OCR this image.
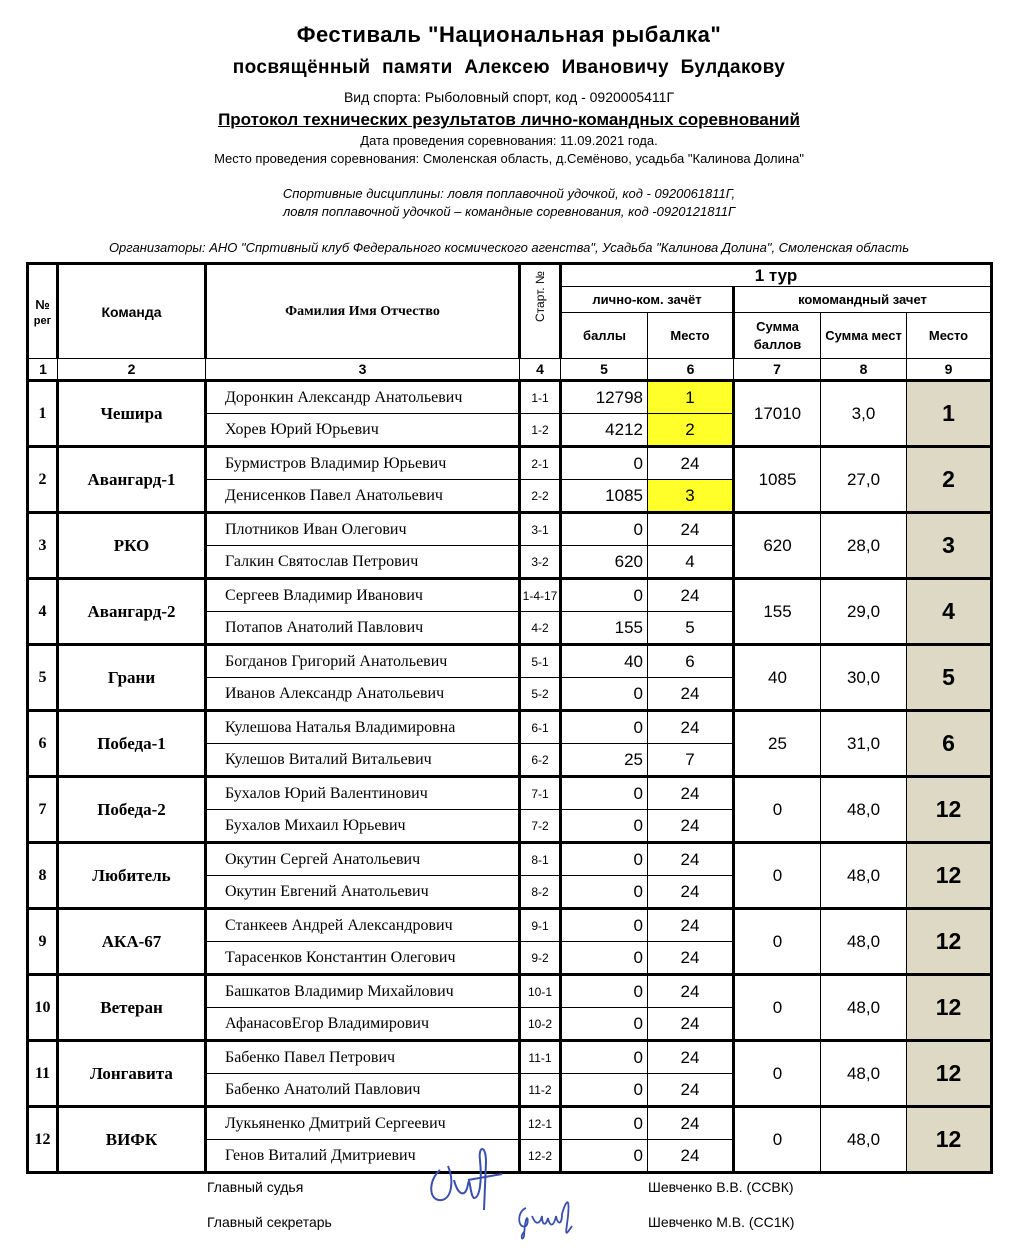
Фестиваль "Национальная рыбалка"
посвящённый памяти Алексею Ивановичу Булдакову
Вид спорта: Рыболовный спорт, код - 0920005411Г
Протокол технических результатов лично-командных соревнований
Дата проведения соревнования: 11.09.2021 года.
Место проведения соревнования: Смоленская область, д.Семёново, усадьба "Калинова Долина"
Спортивные дисциплины: ловля поплавочной удочкой, код - 0920061811Г,
ловля поплавочной удочкой – командные соревнования, код -0920121811Г
Организаторы: АНО "Спртивный клуб Федерального космического агенства", Усадьба "Калинова Долина", Смоленская область
№
рег	Команда	Фамилия Имя Отчество	Старт. №	1 тур				
				лично-ком. зачёт		комомандный зачет		
				баллы	Место	Сумма баллов	Сумма мест	Место
1	2	3	4	5	6	7	8	9
1	Чешира	Доронкин Александр Анатольевич	1-1	12798	1	17010	3,0	1
		Хорев Юрий Юрьевич	1-2	4212	2			
2	Авангард-1	Бурмистров Владимир Юрьевич	2-1	0	24	1085	27,0	2
		Денисенков Павел Анатольевич	2-2	1085	3			
3	РКО	Плотников Иван Олегович	3-1	0	24	620	28,0	3
		Галкин Святослав Петрович	3-2	620	4			
4	Авангард-2	Сергеев Владимир Иванович	1-4-17	0	24	155	29,0	4
		Потапов Анатолий Павлович	4-2	155	5			
5	Грани	Богданов Григорий Анатольевич	5-1	40	6	40	30,0	5
		Иванов Александр Анатольевич	5-2	0	24			
6	Победа-1	Кулешова Наталья Владимировна	6-1	0	24	25	31,0	6
		Кулешов Виталий Витальевич	6-2	25	7			
7	Победа-2	Бухалов Юрий Валентинович	7-1	0	24	0	48,0	12
		Бухалов Михаил Юрьевич	7-2	0	24			
8	Любитель	Окутин Сергей Анатольевич	8-1	0	24	0	48,0	12
		Окутин Евгений Анатольевич	8-2	0	24			
9	АКА-67	Станкеев Андрей Александрович	9-1	0	24	0	48,0	12
		Тарасенков Константин Олегович	9-2	0	24			
10	Ветеран	Башкатов Владимир Михайлович	10-1	0	24	0	48,0	12
		АфанасовЕгор Владимирович	10-2	0	24			
11	Лонгавита	Бабенко Павел Петрович	11-1	0	24	0	48,0	12
		Бабенко Анатолий Павлович	11-2	0	24			
12	ВИФК	Лукьяненко Дмитрий Сергеевич	12-1	0	24	0	48,0	12
		Генов Виталий Дмитриевич	12-2	0	24			
Главный судья
Главный секретарь
Шевченко В.В. (ССВК)
Шевченко М.В. (СС1К)
